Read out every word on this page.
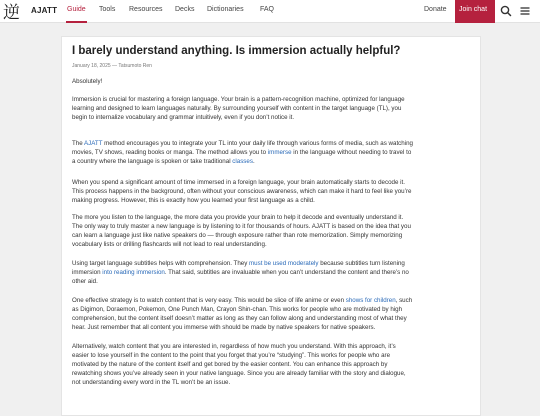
逆 AJATT Guide Tools Resources Decks Dictionaries FAQ	Donate Join chat
I barely understand anything. Is immersion actually helpful?
January 18, 2025 — Tatsumoto Ren
Absolutely!
Immersion is crucial for mastering a foreign language. Your brain is a pattern-recognition machine, optimized for language
learning and designed to learn languages naturally. By surrounding yourself with content in the target language (TL), you
begin to internalize vocabulary and grammar intuitively, even if you don’t notice it.
The AJATT method encourages you to integrate your TL into your daily life through various forms of media, such as watching
movies, TV shows, reading books or manga. The method allows you to immerse in the language without needing to travel to
a country where the language is spoken or take traditional classes.
When you spend a significant amount of time immersed in a foreign language, your brain automatically starts to decode it.
This process happens in the background, often without your conscious awareness, which can make it hard to feel like you’re
making progress. However, this is exactly how you learned your first language as a child.
The more you listen to the language, the more data you provide your brain to help it decode and eventually understand it.
The only way to truly master a new language is by listening to it for thousands of hours. AJATT is based on the idea that you
can learn a language just like native speakers do — through exposure rather than rote memorization. Simply memorizing
vocabulary lists or drilling flashcards will not lead to real understanding.
Using target language subtitles helps with comprehension. They must be used moderately because subtitles turn listening
immersion into reading immersion. That said, subtitles are invaluable when you can’t understand the content and there’s no
other aid.
One effective strategy is to watch content that is very easy. This would be slice of life anime or even shows for children, such
as Digimon, Doraemon, Pokemon, One Punch Man, Crayon Shin-chan. This works for people who are motivated by high
comprehension, but the content itself doesn’t matter as long as they can follow along and understanding most of what they
hear. Just remember that all content you immerse with should be made by native speakers for native speakers.
Alternatively, watch content that you are interested in, regardless of how much you understand. With this approach, it’s
easier to lose yourself in the content to the point that you forget that you’re “studying”. This works for people who are
motivated by the nature of the content itself and get bored by the easier content. You can enhance this approach by
rewatching shows you’ve already seen in your native language. Since you are already familiar with the story and dialogue,
not understanding every word in the TL won’t be an issue.
